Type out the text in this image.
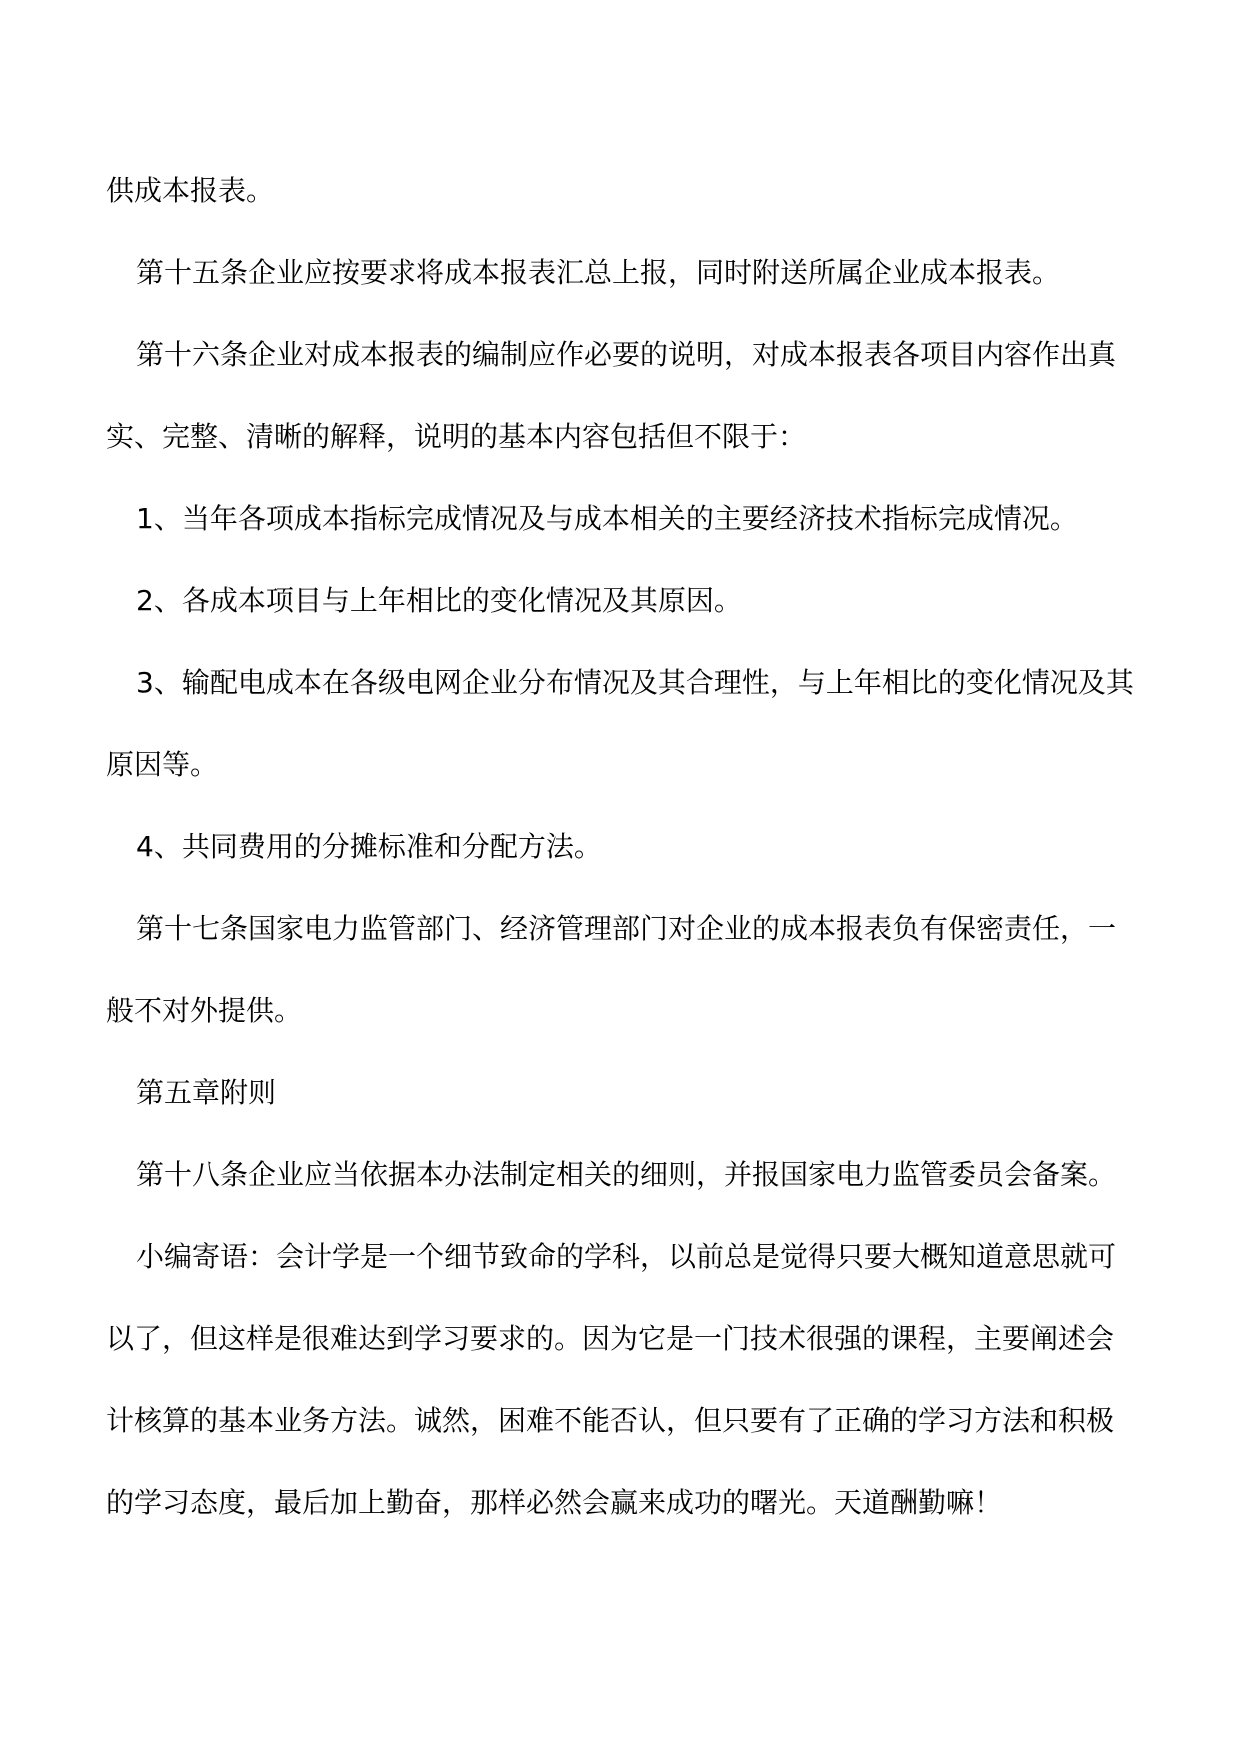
供成本报表。

第十五条企业应按要求将成本报表汇总上报，同时附送所属企业成本报表。

第十六条企业对成本报表的编制应作必要的说明，对成本报表各项目内容作出真实、完整、清晰的解释，说明的基本内容包括但不限于：

1、当年各项成本指标完成情况及与成本相关的主要经济技术指标完成情况。

2、各成本项目与上年相比的变化情况及其原因。

3、输配电成本在各级电网企业分布情况及其合理性，与上年相比的变化情况及其原因等。

4、共同费用的分摊标准和分配方法。

第十七条国家电力监管部门、经济管理部门对企业的成本报表负有保密责任，一般不对外提供。

第五章附则

第十八条企业应当依据本办法制定相关的细则，并报国家电力监管委员会备案。

小编寄语：会计学是一个细节致命的学科，以前总是觉得只要大概知道意思就可以了，但这样是很难达到学习要求的。因为它是一门技术很强的课程，主要阐述会计核算的基本业务方法。诚然，困难不能否认，但只要有了正确的学习方法和积极的学习态度，最后加上勤奋，那样必然会赢来成功的曙光。天道酬勤嘛！
